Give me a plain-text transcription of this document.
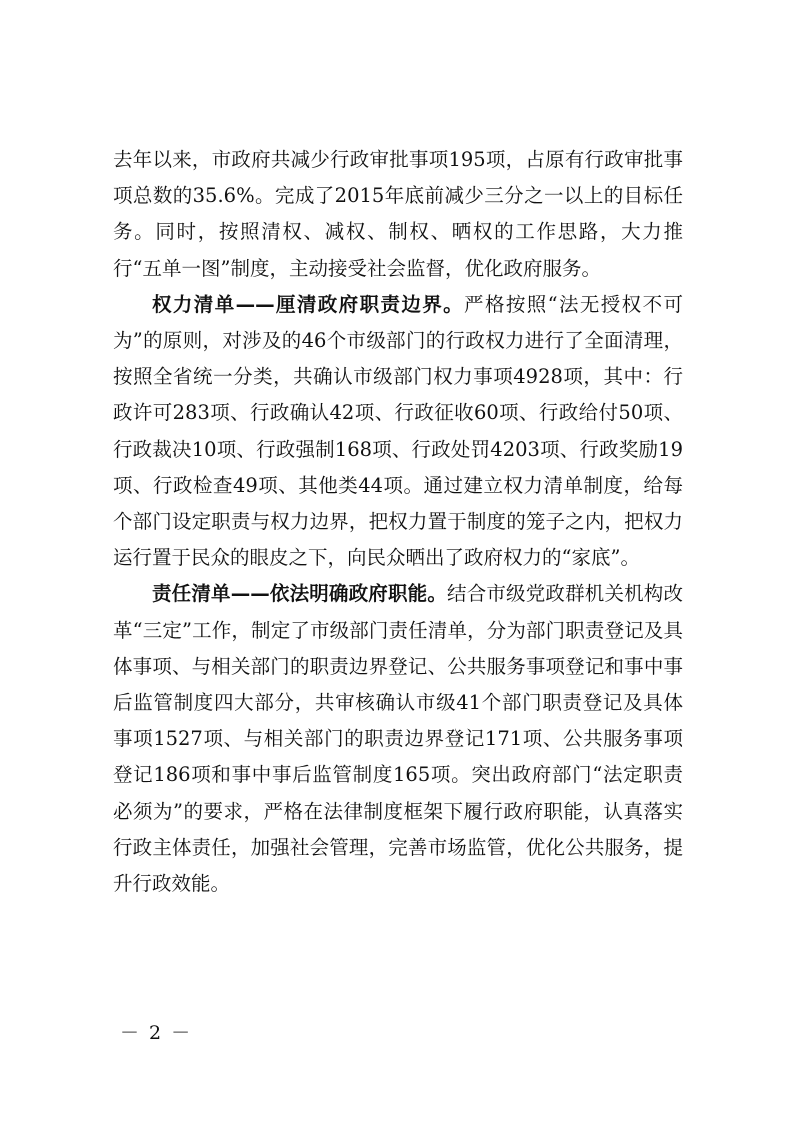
去年以来，市政府共减少行政审批事项195项，占原有行政审批事项总数的35.6%。完成了2015年底前减少三分之一以上的目标任务。同时，按照清权、减权、制权、晒权的工作思路，大力推行“五单一图”制度，主动接受社会监督，优化政府服务。

权力清单——厘清政府职责边界。严格按照“法无授权不可为”的原则，对涉及的46个市级部门的行政权力进行了全面清理，按照全省统一分类，共确认市级部门权力事项4928项，其中：行政许可283项、行政确认42项、行政征收60项、行政给付50项、行政裁决10项、行政强制168项、行政处罚4203项、行政奖励19项、行政检查49项、其他类44项。通过建立权力清单制度，给每个部门设定职责与权力边界，把权力置于制度的笼子之内，把权力运行置于民众的眼皮之下，向民众晒出了政府权力的“家底”。

责任清单——依法明确政府职能。结合市级党政群机关机构改革“三定”工作，制定了市级部门责任清单，分为部门职责登记及具体事项、与相关部门的职责边界登记、公共服务事项登记和事中事后监管制度四大部分，共审核确认市级41个部门职责登记及具体事项1527项、与相关部门的职责边界登记171项、公共服务事项登记186项和事中事后监管制度165项。突出政府部门“法定职责必须为”的要求，严格在法律制度框架下履行政府职能，认真落实行政主体责任，加强社会管理，完善市场监管，优化公共服务，提升行政效能。

－ 2 －
